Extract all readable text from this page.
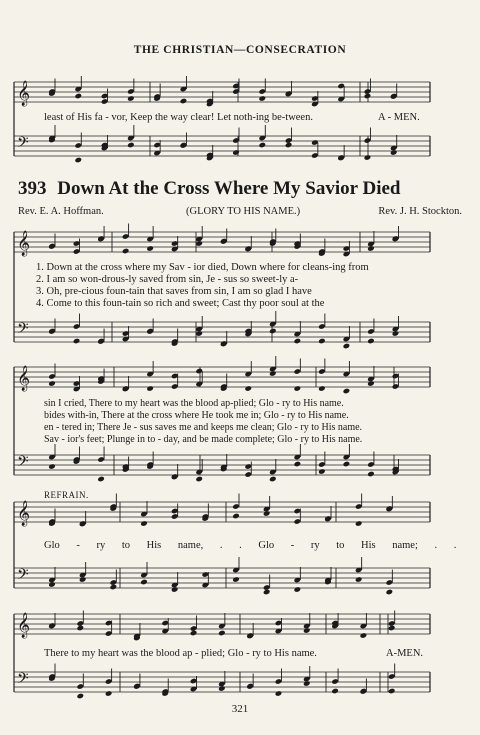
𝄞
𝄢
𝄞
𝄢
𝄞
𝄢
𝄞
𝄢
𝄞
𝄢
THE CHRISTIAN—CONSECRATION
least of His fa - vor, Keep the way clear! Let noth-ing be-tween.	A - MEN.
393 Down At the Cross Where My Savior Died
Rev. E. A. Hoffman.	(GLORY TO HIS NAME.)	Rev. J. H. Stockton.
1. Down at the cross where my Sav - ior died, Down where for cleans-ing from
2. I am so won-drous-ly saved from sin, Je - sus so sweet-ly a-
3. Oh, pre-cious foun-tain that saves from sin, I am so glad I have
4. Come to this foun-tain so rich and sweet; Cast thy poor soul at the
sin I cried, There to my heart was the blood ap-plied; Glo - ry to His name.
bides with-in, There at the cross where He took me in; Glo - ry to His name.
en - tered in; There Je - sus saves me and keeps me clean; Glo - ry to His name.
Sav - ior's feet; Plunge in to - day, and be made complete; Glo - ry to His name.
REFRAIN.
Glo - ry to His name, . . Glo - ry to His name; . .
There to my heart was the blood ap - plied; Glo - ry to His name.	A-MEN.
321
